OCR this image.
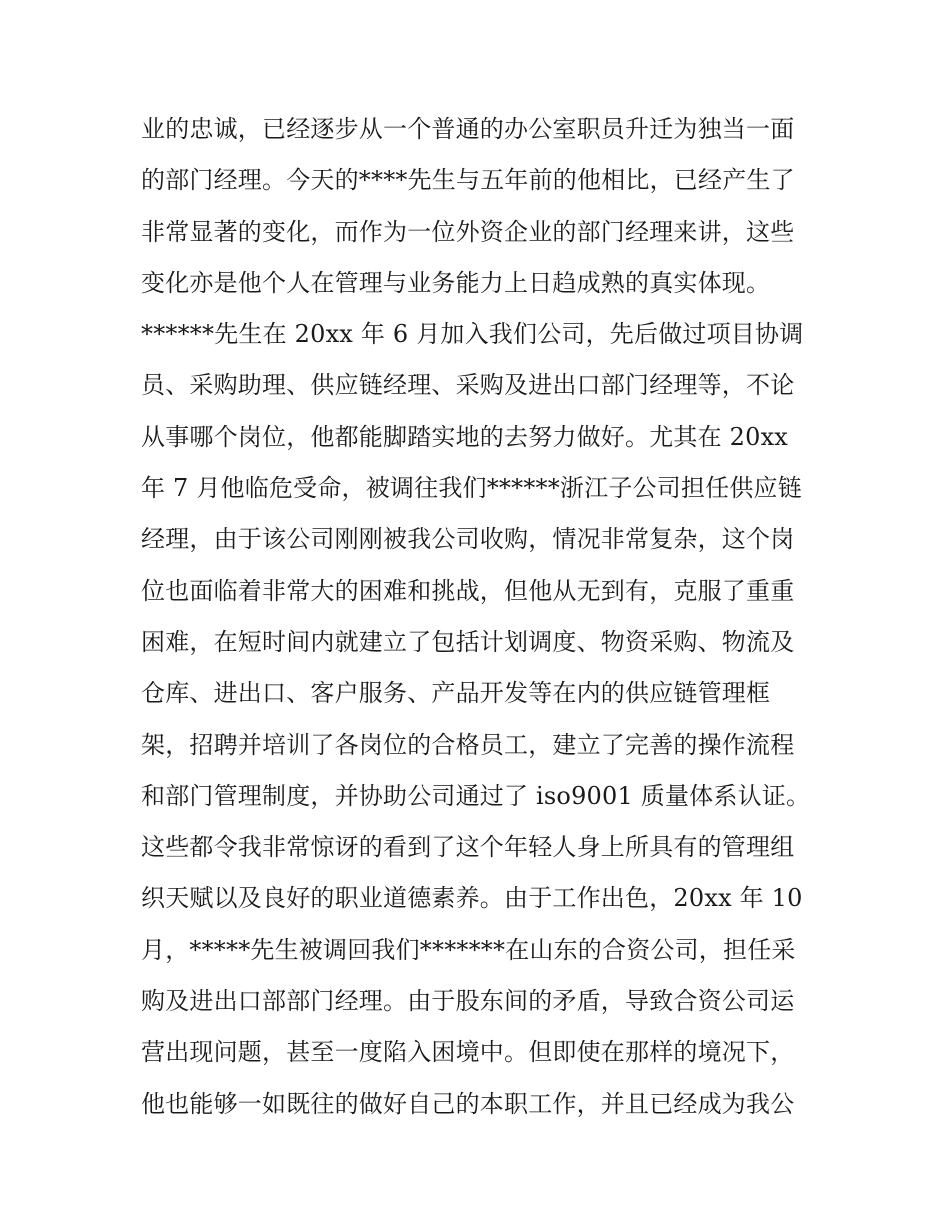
业的忠诚，已经逐步从一个普通的办公室职员升迁为独当一面
的部门经理。今天的****先生与五年前的他相比，已经产生了
非常显著的变化，而作为一位外资企业的部门经理来讲，这些
变化亦是他个人在管理与业务能力上日趋成熟的真实体现。
******先生在 20xx 年 6 月加入我们公司，先后做过项目协调
员、采购助理、供应链经理、采购及进出口部门经理等，不论
从事哪个岗位，他都能脚踏实地的去努力做好。尤其在 20xx
年 7 月他临危受命，被调往我们******浙江子公司担任供应链
经理，由于该公司刚刚被我公司收购，情况非常复杂，这个岗
位也面临着非常大的困难和挑战，但他从无到有，克服了重重
困难，在短时间内就建立了包括计划调度、物资采购、物流及
仓库、进出口、客户服务、产品开发等在内的供应链管理框
架，招聘并培训了各岗位的合格员工，建立了完善的操作流程
和部门管理制度，并协助公司通过了 iso9001 质量体系认证。
这些都令我非常惊讶的看到了这个年轻人身上所具有的管理组
织天赋以及良好的职业道德素养。由于工作出色，20xx 年 10
月，*****先生被调回我们*******在山东的合资公司，担任采
购及进出口部部门经理。由于股东间的矛盾，导致合资公司运
营出现问题，甚至一度陷入困境中。但即使在那样的境况下，
他也能够一如既往的做好自己的本职工作，并且已经成为我公
